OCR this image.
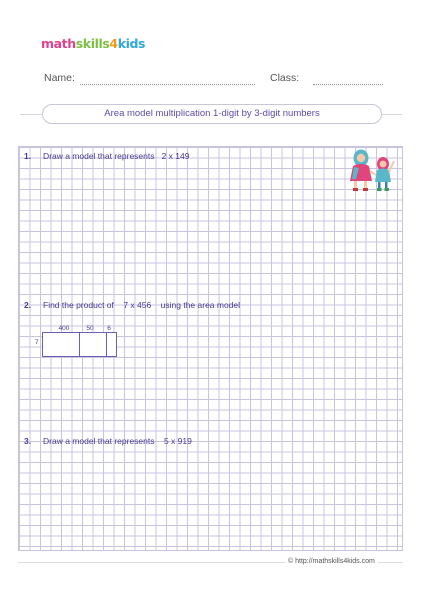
mathskills4kids
Name:	Class:
Area model multiplication 1-digit by 3-digit numbers
1. Draw a model that represents   2 x 149
2. Find the product of    7 x 456    using the area model
400	50	6
7
3. Draw a model that represents    5 x 919
© http://mathskills4kids.com
